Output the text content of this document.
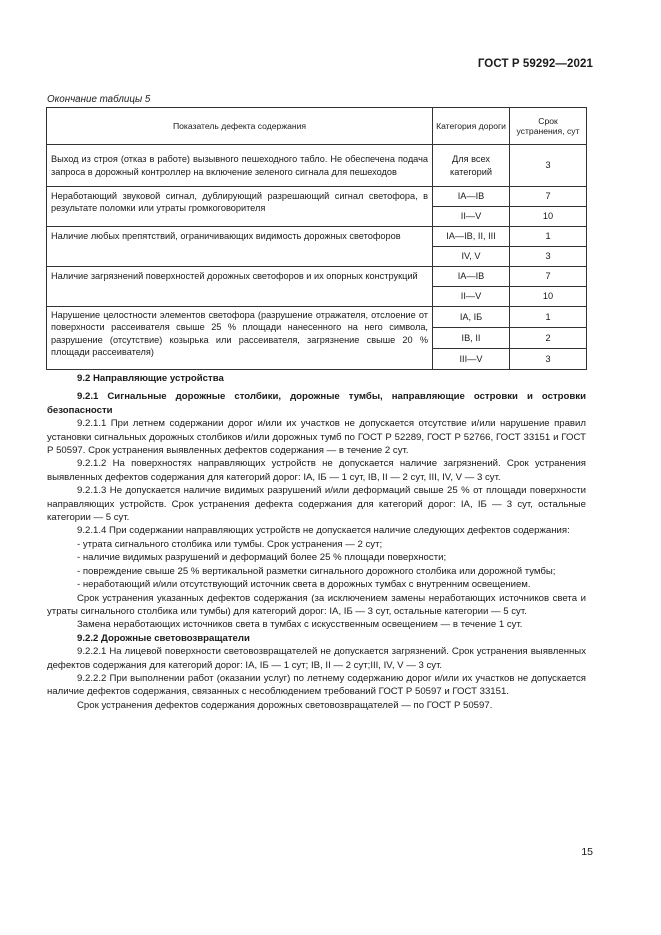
ГОСТ Р 59292—2021
Окончание таблицы 5
Показатель дефекта содержания	Категория дороги	Срок устранения, сут
Выход из строя (отказ в работе) вызывного пешеходного табло. Не обеспечена подача запроса в дорожный контроллер на включение зеленого сигнала для пешеходов	Для всех категорий	3
Неработающий звуковой сигнал, дублирующий разрешающий сигнал светофора, в результате поломки или утраты громкоговорителя	IA—IB	7
	II—V	10
Наличие любых препятствий, ограничивающих видимость дорожных светофоров	IA—IB, II, III	1
	IV, V	3
Наличие загрязнений поверхностей дорожных светофоров и их опорных конструкций	IA—IB	7
	II—V	10
Нарушение целостности элементов светофора (разрушение отражателя, отслоение от поверхности рассеивателя свыше 25 % площади нанесенного на него символа, разрушение (отсутствие) козырька или рассеивателя, загрязнение свыше 20 % площади рассеивателя)	IA, IБ	1
	IB, II	2
	III—V	3

9.2 Направляющие устройства

9.2.1 Сигнальные дорожные столбики, дорожные тумбы, направляющие островки и островки безопасности

9.2.1.1 При летнем содержании дорог и/или их участков не допускается отсутствие и/или нарушение правил установки сигнальных дорожных столбиков и/или дорожных тумб по ГОСТ Р 52289, ГОСТ Р 52766, ГОСТ 33151 и ГОСТ Р 50597. Срок устранения выявленных дефектов содержания — в течение 2 сут.

9.2.1.2 На поверхностях направляющих устройств не допускается наличие загрязнений. Срок устранения выявленных дефектов содержания для категорий дорог: IA, IБ — 1 сут, IB, II — 2 сут, III, IV, V — 3 сут.

9.2.1.3 Не допускается наличие видимых разрушений и/или деформаций свыше 25 % от площади поверхности направляющих устройств. Срок устранения дефекта содержания для категорий дорог: IA, IБ — 3 сут, остальные категории — 5 сут.

9.2.1.4 При содержании направляющих устройств не допускается наличие следующих дефектов содержания:

- утрата сигнального столбика или тумбы. Срок устранения — 2 сут;

- наличие видимых разрушений и деформаций более 25 % площади поверхности;

- повреждение свыше 25 % вертикальной разметки сигнального дорожного столбика или дорожной тумбы;

- неработающий и/или отсутствующий источник света в дорожных тумбах с внутренним освещением.

Срок устранения указанных дефектов содержания (за исключением замены неработающих источников света и утраты сигнального столбика или тумбы) для категорий дорог: IA, IБ — 3 сут, остальные категории — 5 сут.

Замена неработающих источников света в тумбах с искусственным освещением — в течение 1 сут.

9.2.2 Дорожные световозвращатели

9.2.2.1 На лицевой поверхности световозвращателей не допускается загрязнений. Срок устранения выявленных дефектов содержания для категорий дорог: IA, IБ — 1 сут; IB, II — 2 сут;III, IV, V — 3 сут.

9.2.2.2 При выполнении работ (оказании услуг) по летнему содержанию дорог и/или их участков не допускается наличие дефектов содержания, связанных с несоблюдением требований ГОСТ Р 50597 и ГОСТ 33151.

Срок устранения дефектов содержания дорожных световозвращателей — по ГОСТ Р 50597.

15
